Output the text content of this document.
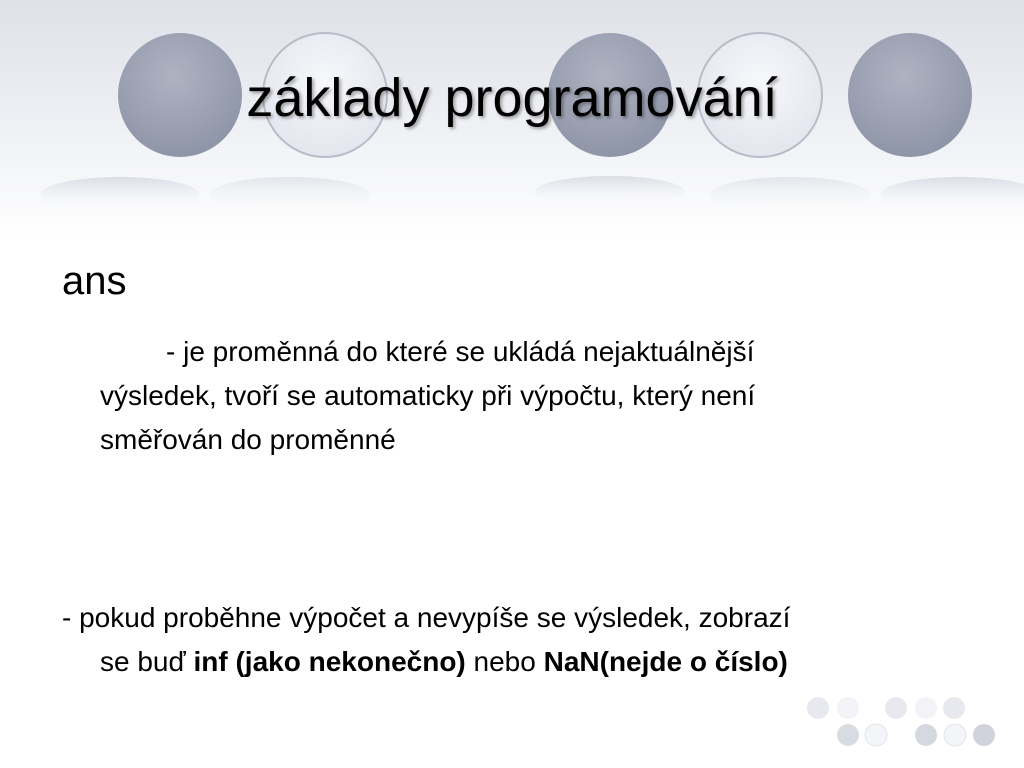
základy programování
ans
- je proměnná do které se ukládá nejaktuálnější
výsledek, tvoří se automaticky při výpočtu, který není
směřován do proměnné
- pokud proběhne výpočet a nevypíše se výsledek, zobrazí
se buď inf (jako nekonečno) nebo NaN(nejde o číslo)
